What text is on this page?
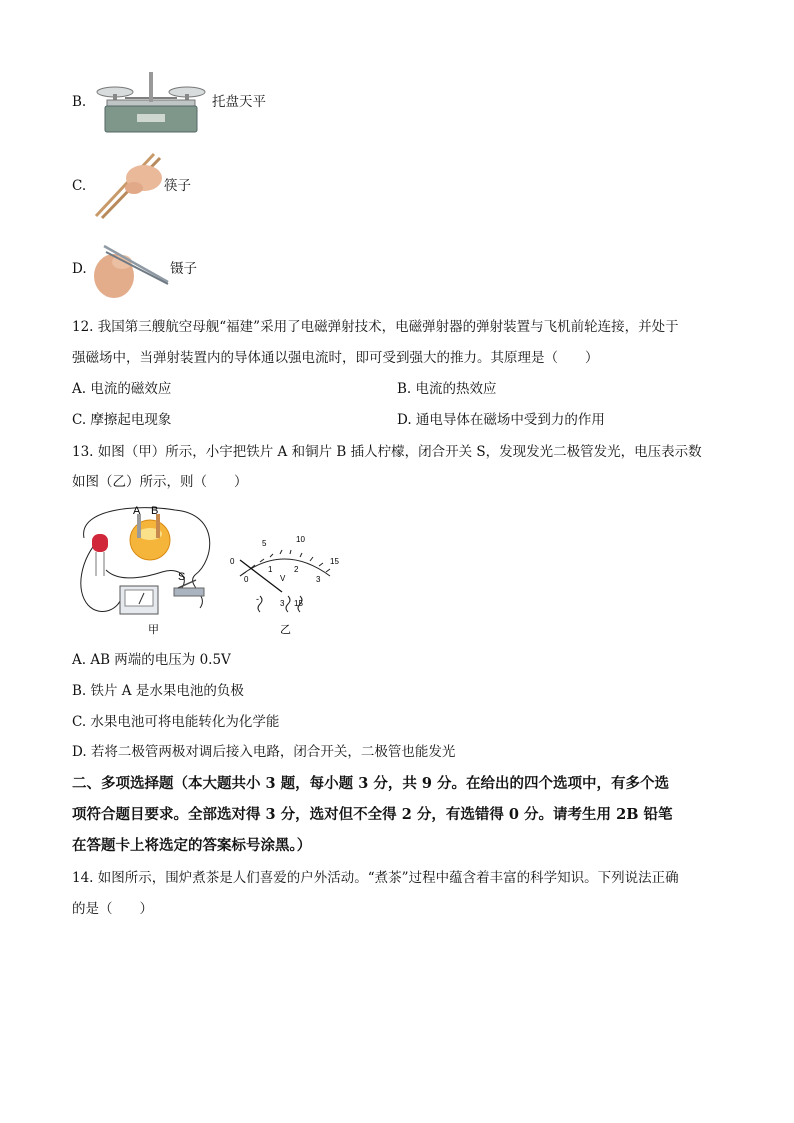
B.	托盘天平
C.	筷子
D.	镊子
12. 我国第三艘航空母舰“福建”采用了电磁弹射技术，电磁弹射器的弹射装置与飞机前轮连接，并处于
强磁场中，当弹射装置内的导体通以强电流时，即可受到强大的推力。其原理是（　　）
A. 电流的磁效应	B. 电流的热效应
C. 摩擦起电现象	D. 通电导体在磁场中受到力的作用
13. 如图（甲）所示，小宇把铁片 A 和铜片 B 插人柠檬，闭合开关 S，发现发光二极管发光，电压表示数
如图（乙）所示，则（　　）
A B
S
甲
0
5	10
15
0
1	2
3
V
-	3 15
乙
A. AB 两端的电压为 0.5V
B. 铁片 A 是水果电池的负极
C. 水果电池可将电能转化为化学能
D. 若将二极管两极对调后接入电路，闭合开关，二极管也能发光
二、多项选择题（本大题共小 3 题，每小题 3 分，共 9 分。在给出的四个选项中，有多个选
项符合题目要求。全部选对得 3 分，选对但不全得 2 分，有选错得 0 分。请考生用 2B 铅笔
在答题卡上将选定的答案标号涂黑。）
14. 如图所示，围炉煮茶是人们喜爱的户外活动。“煮茶”过程中蕴含着丰富的科学知识。下列说法正确
的是（　　）
